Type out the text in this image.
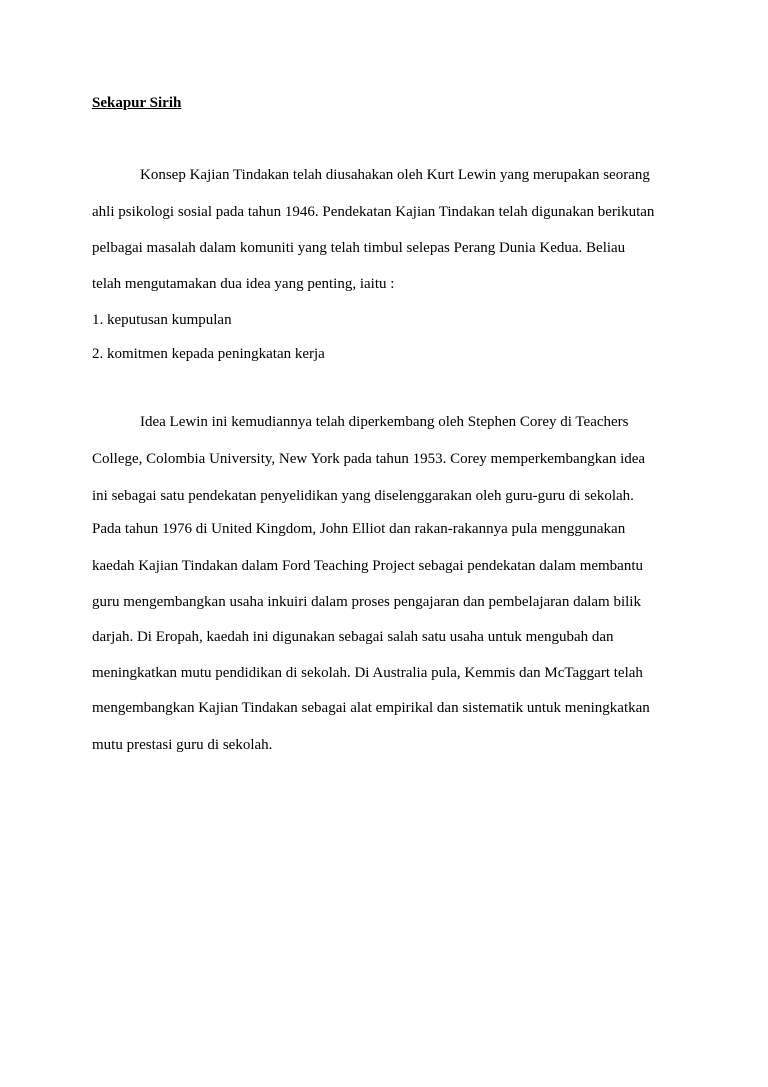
Sekapur Sirih
Konsep Kajian Tindakan telah diusahakan oleh Kurt Lewin yang merupakan seorang
ahli psikologi sosial pada tahun 1946. Pendekatan Kajian Tindakan telah digunakan berikutan
pelbagai masalah dalam komuniti yang telah timbul selepas Perang Dunia Kedua. Beliau
telah mengutamakan dua idea yang penting, iaitu :
1. keputusan kumpulan
2. komitmen kepada peningkatan kerja
Idea Lewin ini kemudiannya telah diperkembang oleh Stephen Corey di Teachers
College, Colombia University, New York pada tahun 1953. Corey memperkembangkan idea
ini sebagai satu pendekatan penyelidikan yang diselenggarakan oleh guru-guru di sekolah.
Pada tahun 1976 di United Kingdom, John Elliot dan rakan-rakannya pula menggunakan
kaedah Kajian Tindakan dalam Ford Teaching Project sebagai pendekatan dalam membantu
guru mengembangkan usaha inkuiri dalam proses pengajaran dan pembelajaran dalam bilik
darjah. Di Eropah, kaedah ini digunakan sebagai salah satu usaha untuk mengubah dan
meningkatkan mutu pendidikan di sekolah. Di Australia pula, Kemmis dan McTaggart telah
mengembangkan Kajian Tindakan sebagai alat empirikal dan sistematik untuk meningkatkan
mutu prestasi guru di sekolah.
